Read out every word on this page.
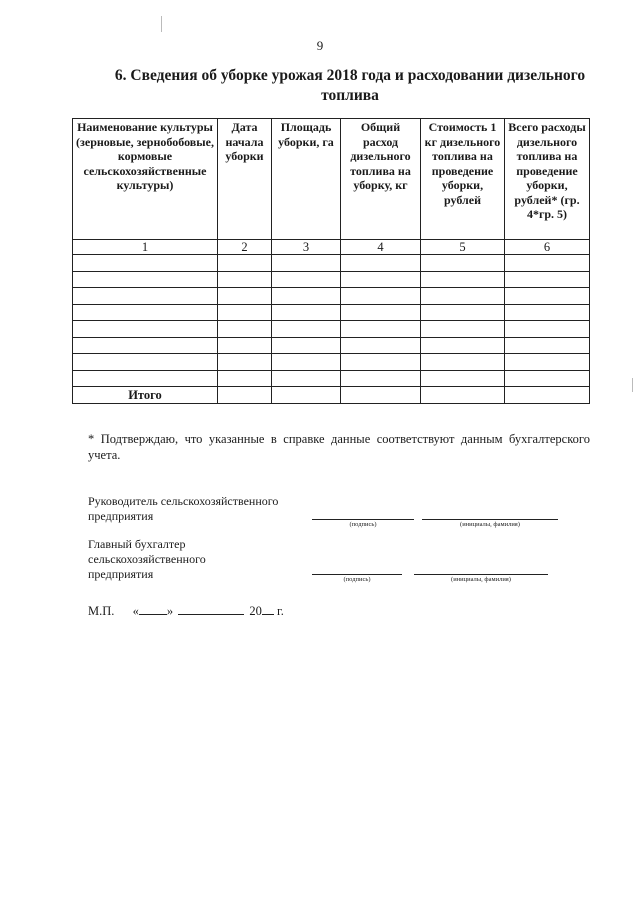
9
6. Сведения об уборке урожая 2018 года и расходовании дизельного топлива
Наименование культуры (зерновые, зернобобовые, кормовые сельскохозяйственные культуры)	Дата начала уборки	Площадь уборки, га	Общий расход дизельного топлива на уборку, кг	Стоимость 1 кг дизельного топлива на проведение уборки, рублей	Всего расходы дизельного топлива на проведение уборки, рублей* (гр. 4*гр. 5)
1	2	3	4	5	6

Итого					
* Подтверждаю, что указанные в справке данные соответствуют данным бухгалтерского учета.
Руководитель сельскохозяйственного предприятия
(подпись)	(инициалы, фамилия)
Главный бухгалтер сельскохозяйственного предприятия	(подпись)	(инициалы, фамилия)
М.П. « »	20 г.
